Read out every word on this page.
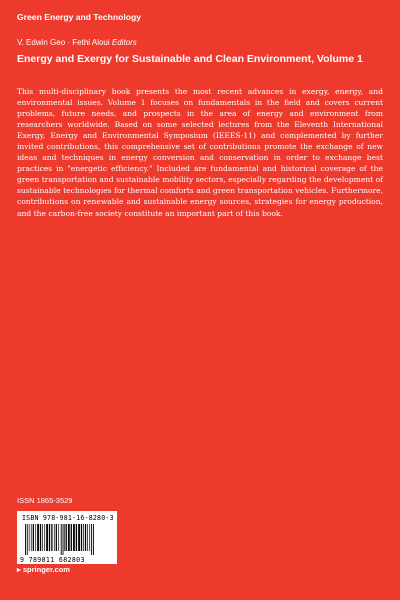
Green Energy and Technology
V. Edwin Geo · Fethi Aloui Editors
Energy and Exergy for Sustainable and Clean Environment, Volume 1

This multi-disciplinary book presents the most recent advances in exergy, energy, and environmental issues. Volume 1 focuses on fundamentals in the field and covers current problems, future needs, and prospects in the area of energy and environment from researchers worldwide. Based on some selected lectures from the Eleventh International Exergy, Energy and Environmental Symposium (IEEES-11) and complemented by further invited contributions, this comprehensive set of contributions promote the exchange of new ideas and techniques in energy conversion and conservation in order to exchange best practices in "energetic efficiency." Included are fundamental and historical coverage of the green transportation and sustainable mobility sectors, especially regarding the development of sustainable technologies for thermal comforts and green transportation vehicles. Furthermore, contributions on renewable and sustainable energy sources, strategies for energy production, and the carbon-free society constitute an important part of this book.

ISSN 1865-3529
ISBN 978-981-16-8280-3
9 789811 682803
▸ springer.com
